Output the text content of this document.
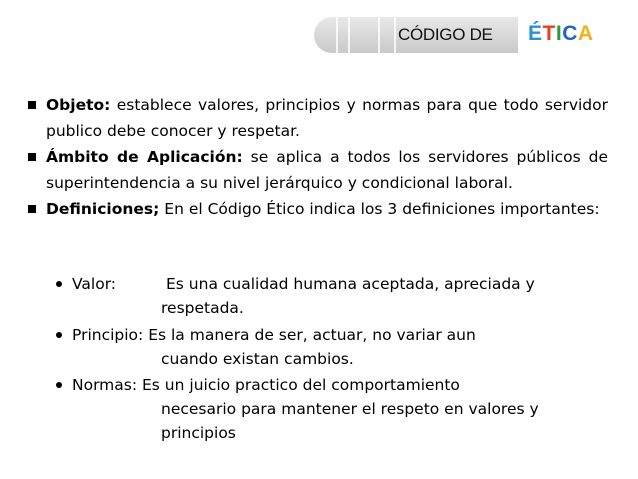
CÓDIGO DE ÉTICA
Objeto: establece valores, principios y normas para que todo servidor publico debe conocer y respetar.
Ámbito de Aplicación: se aplica a todos los servidores públicos de superintendencia a su nivel jerárquico y condicional laboral.
Definiciones; En el Código Ético indica los 3 definiciones importantes:
Valor:	Es una cualidad humana aceptada, apreciada y
respetada.
Principio: Es la manera de ser, actuar, no variar aun
cuando existan cambios.
Normas: Es un juicio practico del comportamiento
necesario para mantener el respeto en valores y
principios
